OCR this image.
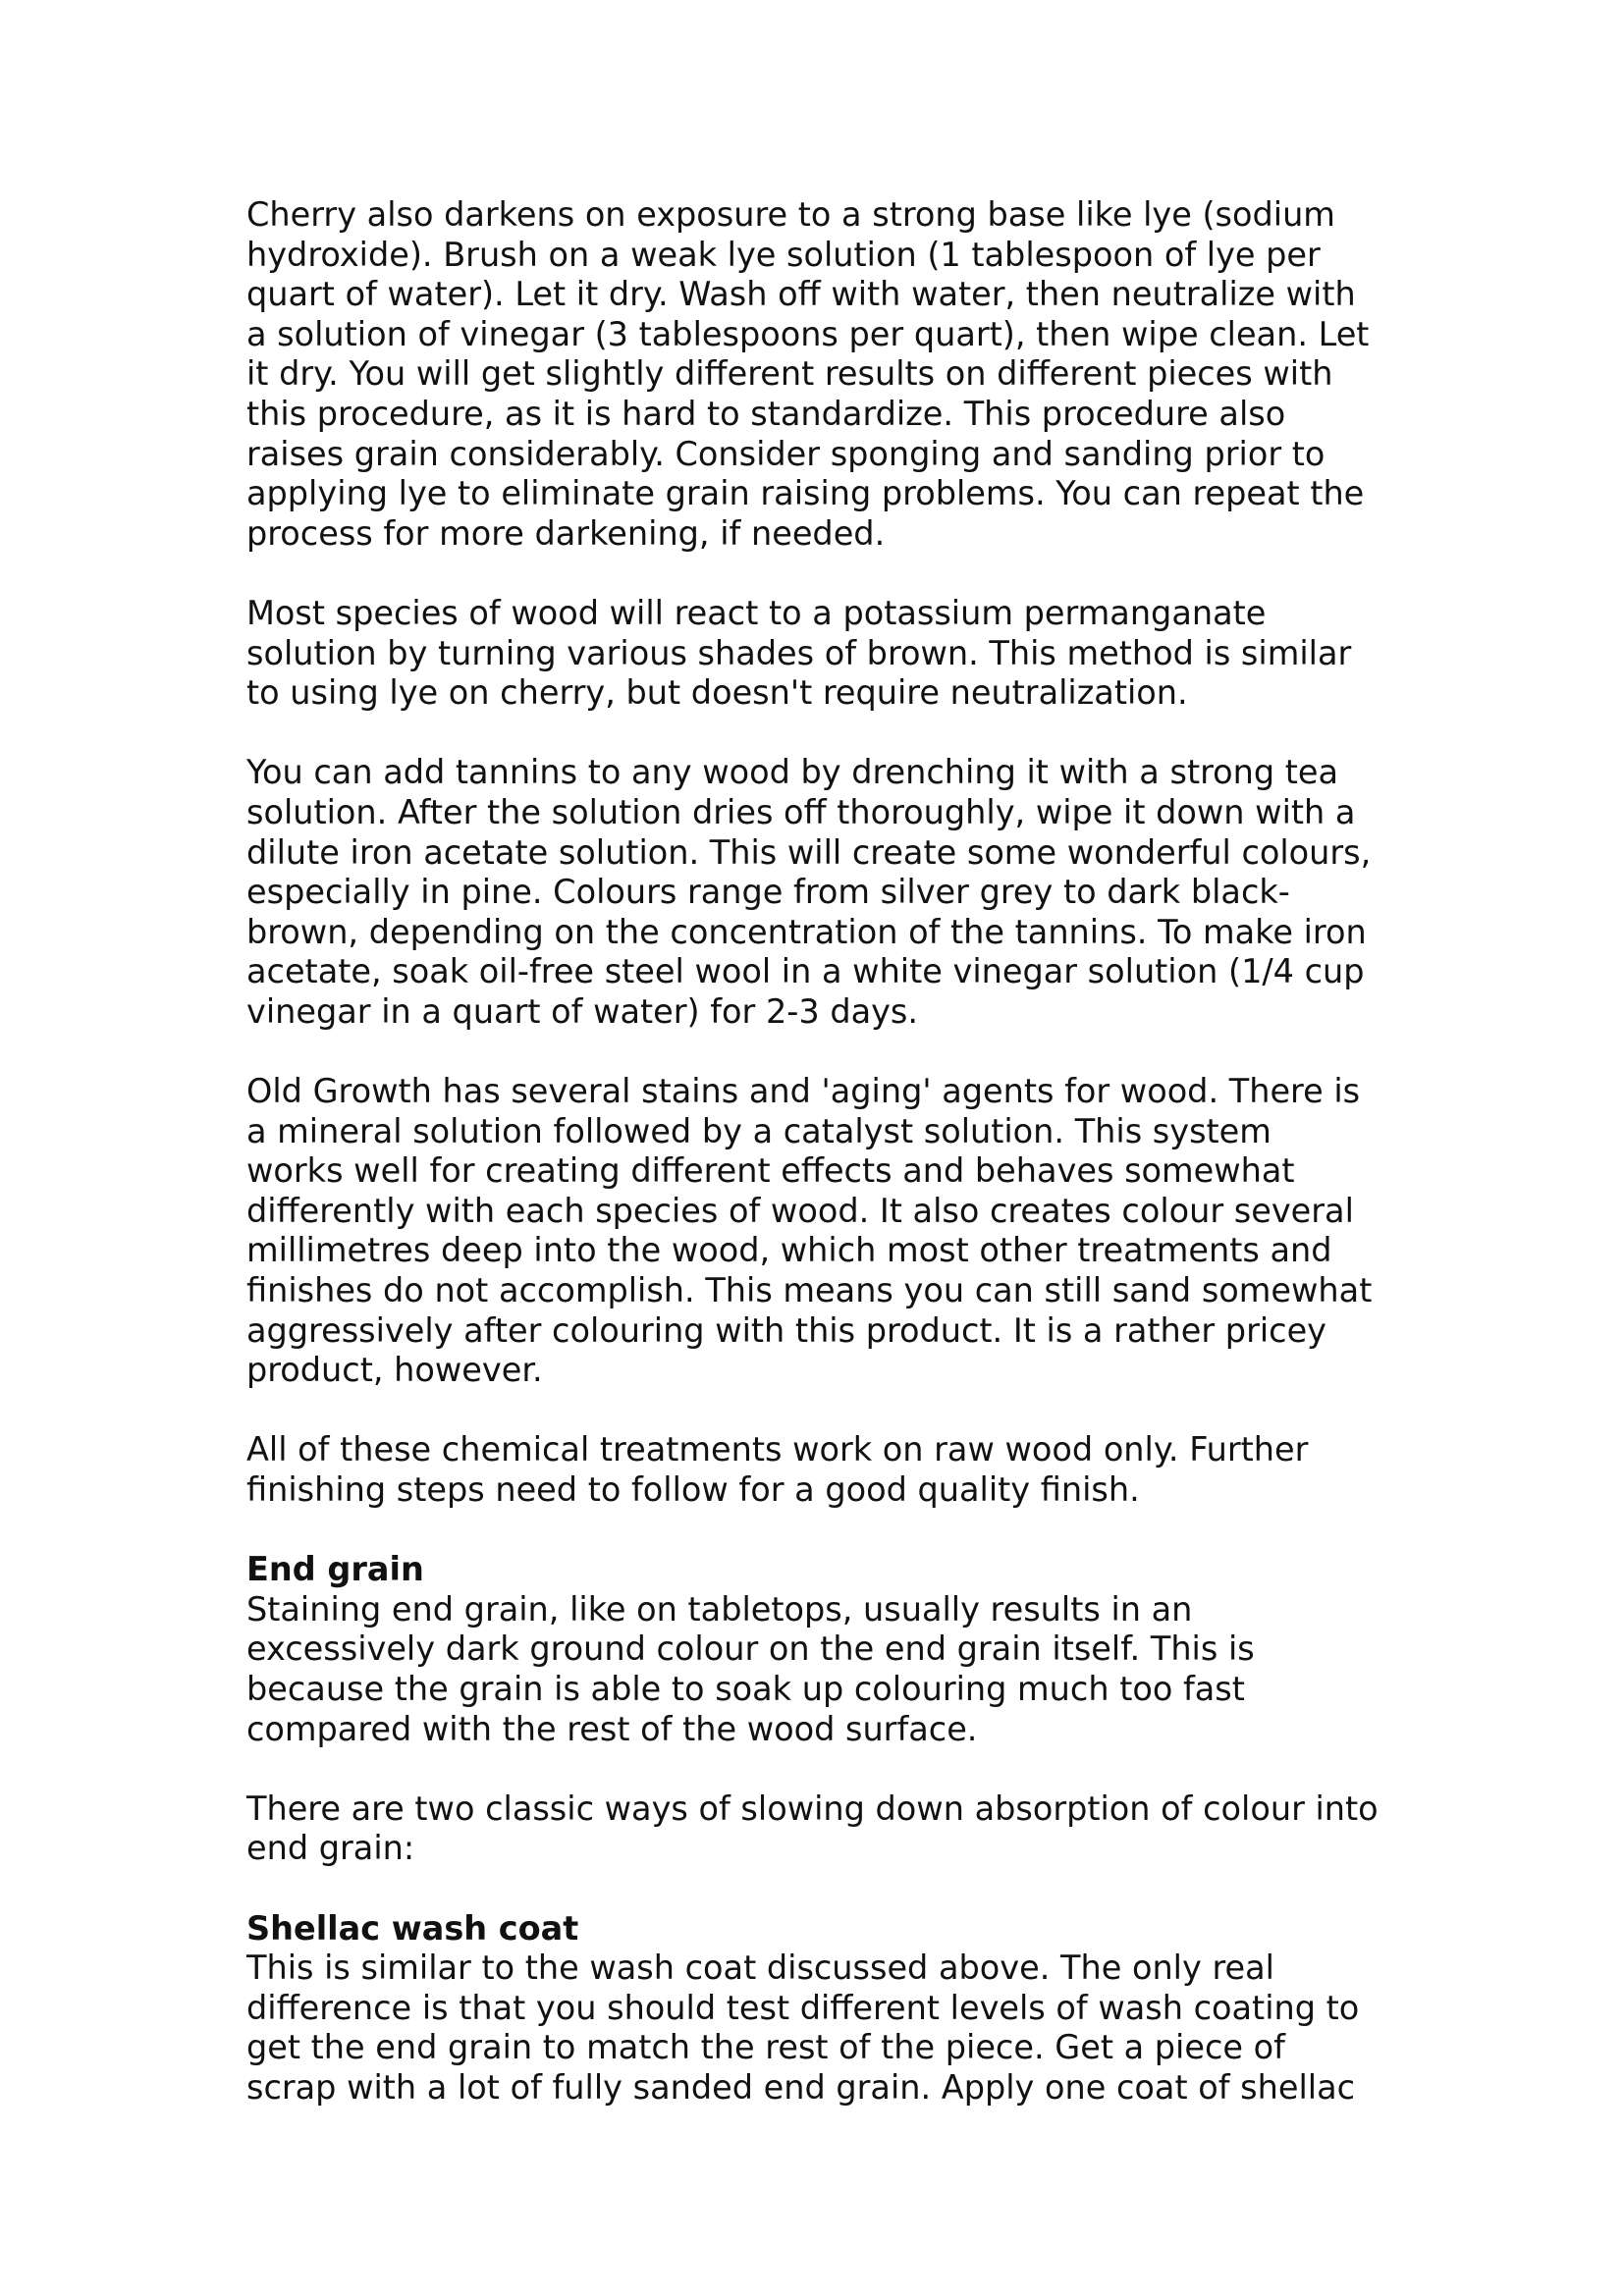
Cherry also darkens on exposure to a strong base like lye (sodium
hydroxide). Brush on a weak lye solution (1 tablespoon of lye per
quart of water). Let it dry. Wash off with water, then neutralize with
a solution of vinegar (3 tablespoons per quart), then wipe clean. Let
it dry. You will get slightly different results on different pieces with
this procedure, as it is hard to standardize. This procedure also
raises grain considerably. Consider sponging and sanding prior to
applying lye to eliminate grain raising problems. You can repeat the
process for more darkening, if needed.
Most species of wood will react to a potassium permanganate
solution by turning various shades of brown. This method is similar
to using lye on cherry, but doesn't require neutralization.
You can add tannins to any wood by drenching it with a strong tea
solution. After the solution dries off thoroughly, wipe it down with a
dilute iron acetate solution. This will create some wonderful colours,
especially in pine. Colours range from silver grey to dark black-
brown, depending on the concentration of the tannins. To make iron
acetate, soak oil-free steel wool in a white vinegar solution (1/4 cup
vinegar in a quart of water) for 2-3 days.
Old Growth has several stains and 'aging' agents for wood. There is
a mineral solution followed by a catalyst solution. This system
works well for creating different effects and behaves somewhat
differently with each species of wood. It also creates colour several
millimetres deep into the wood, which most other treatments and
finishes do not accomplish. This means you can still sand somewhat
aggressively after colouring with this product. It is a rather pricey
product, however.
All of these chemical treatments work on raw wood only. Further
finishing steps need to follow for a good quality finish.
End grain
Staining end grain, like on tabletops, usually results in an
excessively dark ground colour on the end grain itself. This is
because the grain is able to soak up colouring much too fast
compared with the rest of the wood surface.
There are two classic ways of slowing down absorption of colour into
end grain:
Shellac wash coat
This is similar to the wash coat discussed above. The only real
difference is that you should test different levels of wash coating to
get the end grain to match the rest of the piece. Get a piece of
scrap with a lot of fully sanded end grain. Apply one coat of shellac
